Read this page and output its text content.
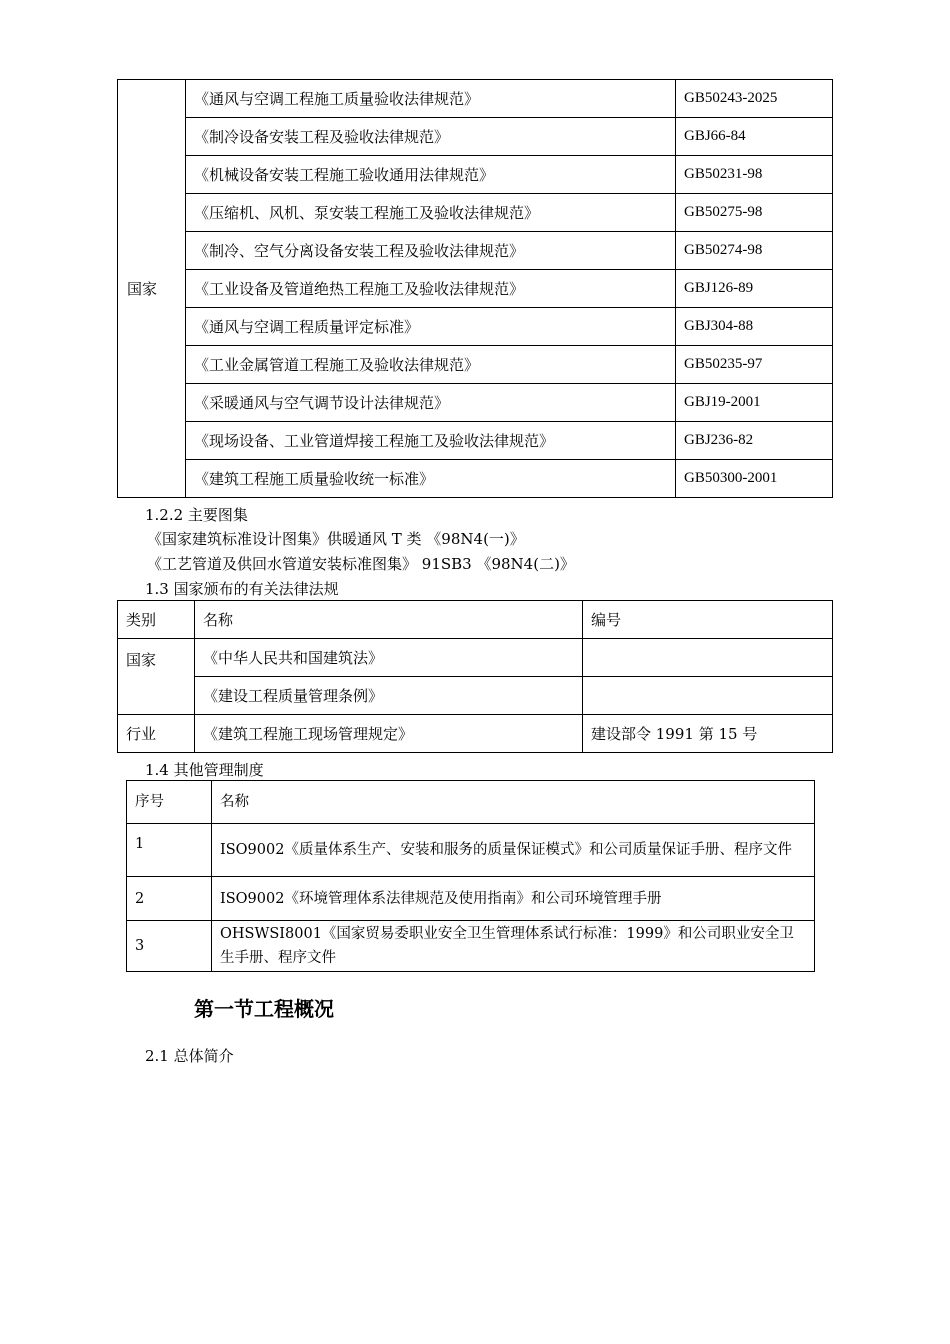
国家	《通风与空调工程施工质量验收法律规范》	GB50243-2025
	《制冷设备安装工程及验收法律规范》	GBJ66-84
	《机械设备安装工程施工验收通用法律规范》	GB50231-98
	《压缩机、风机、泵安装工程施工及验收法律规范》	GB50275-98
	《制冷、空气分离设备安装工程及验收法律规范》	GB50274-98
	《工业设备及管道绝热工程施工及验收法律规范》	GBJ126-89
	《通风与空调工程质量评定标准》	GBJ304-88
	《工业金属管道工程施工及验收法律规范》	GB50235-97
	《采暖通风与空气调节设计法律规范》	GBJ19-2001
	《现场设备、工业管道焊接工程施工及验收法律规范》	GBJ236-82
	《建筑工程施工质量验收统一标准》	GB50300-2001
1.2.2 主要图集
《国家建筑标准设计图集》供暖通风 T 类 《98N4(一)》
《工艺管道及供回水管道安装标准图集》 91SB3 《98N4(二)》
1.3 国家颁布的有关法律法规
类别	名称	编号
国家	《中华人民共和国建筑法》	
	《建设工程质量管理条例》	
行业	《建筑工程施工现场管理规定》	建设部令 1991 第 15 号
1.4 其他管理制度
序号	名称
1	ISO9002《质量体系生产、安装和服务的质量保证模式》和公司质量保证手册、程序文件
2	ISO9002《环境管理体系法律规范及使用指南》和公司环境管理手册
3	OHSWSI8001《国家贸易委职业安全卫生管理体系试行标准：1999》和公司职业安全卫生手册、程序文件
第一节工程概况
2.1 总体简介
